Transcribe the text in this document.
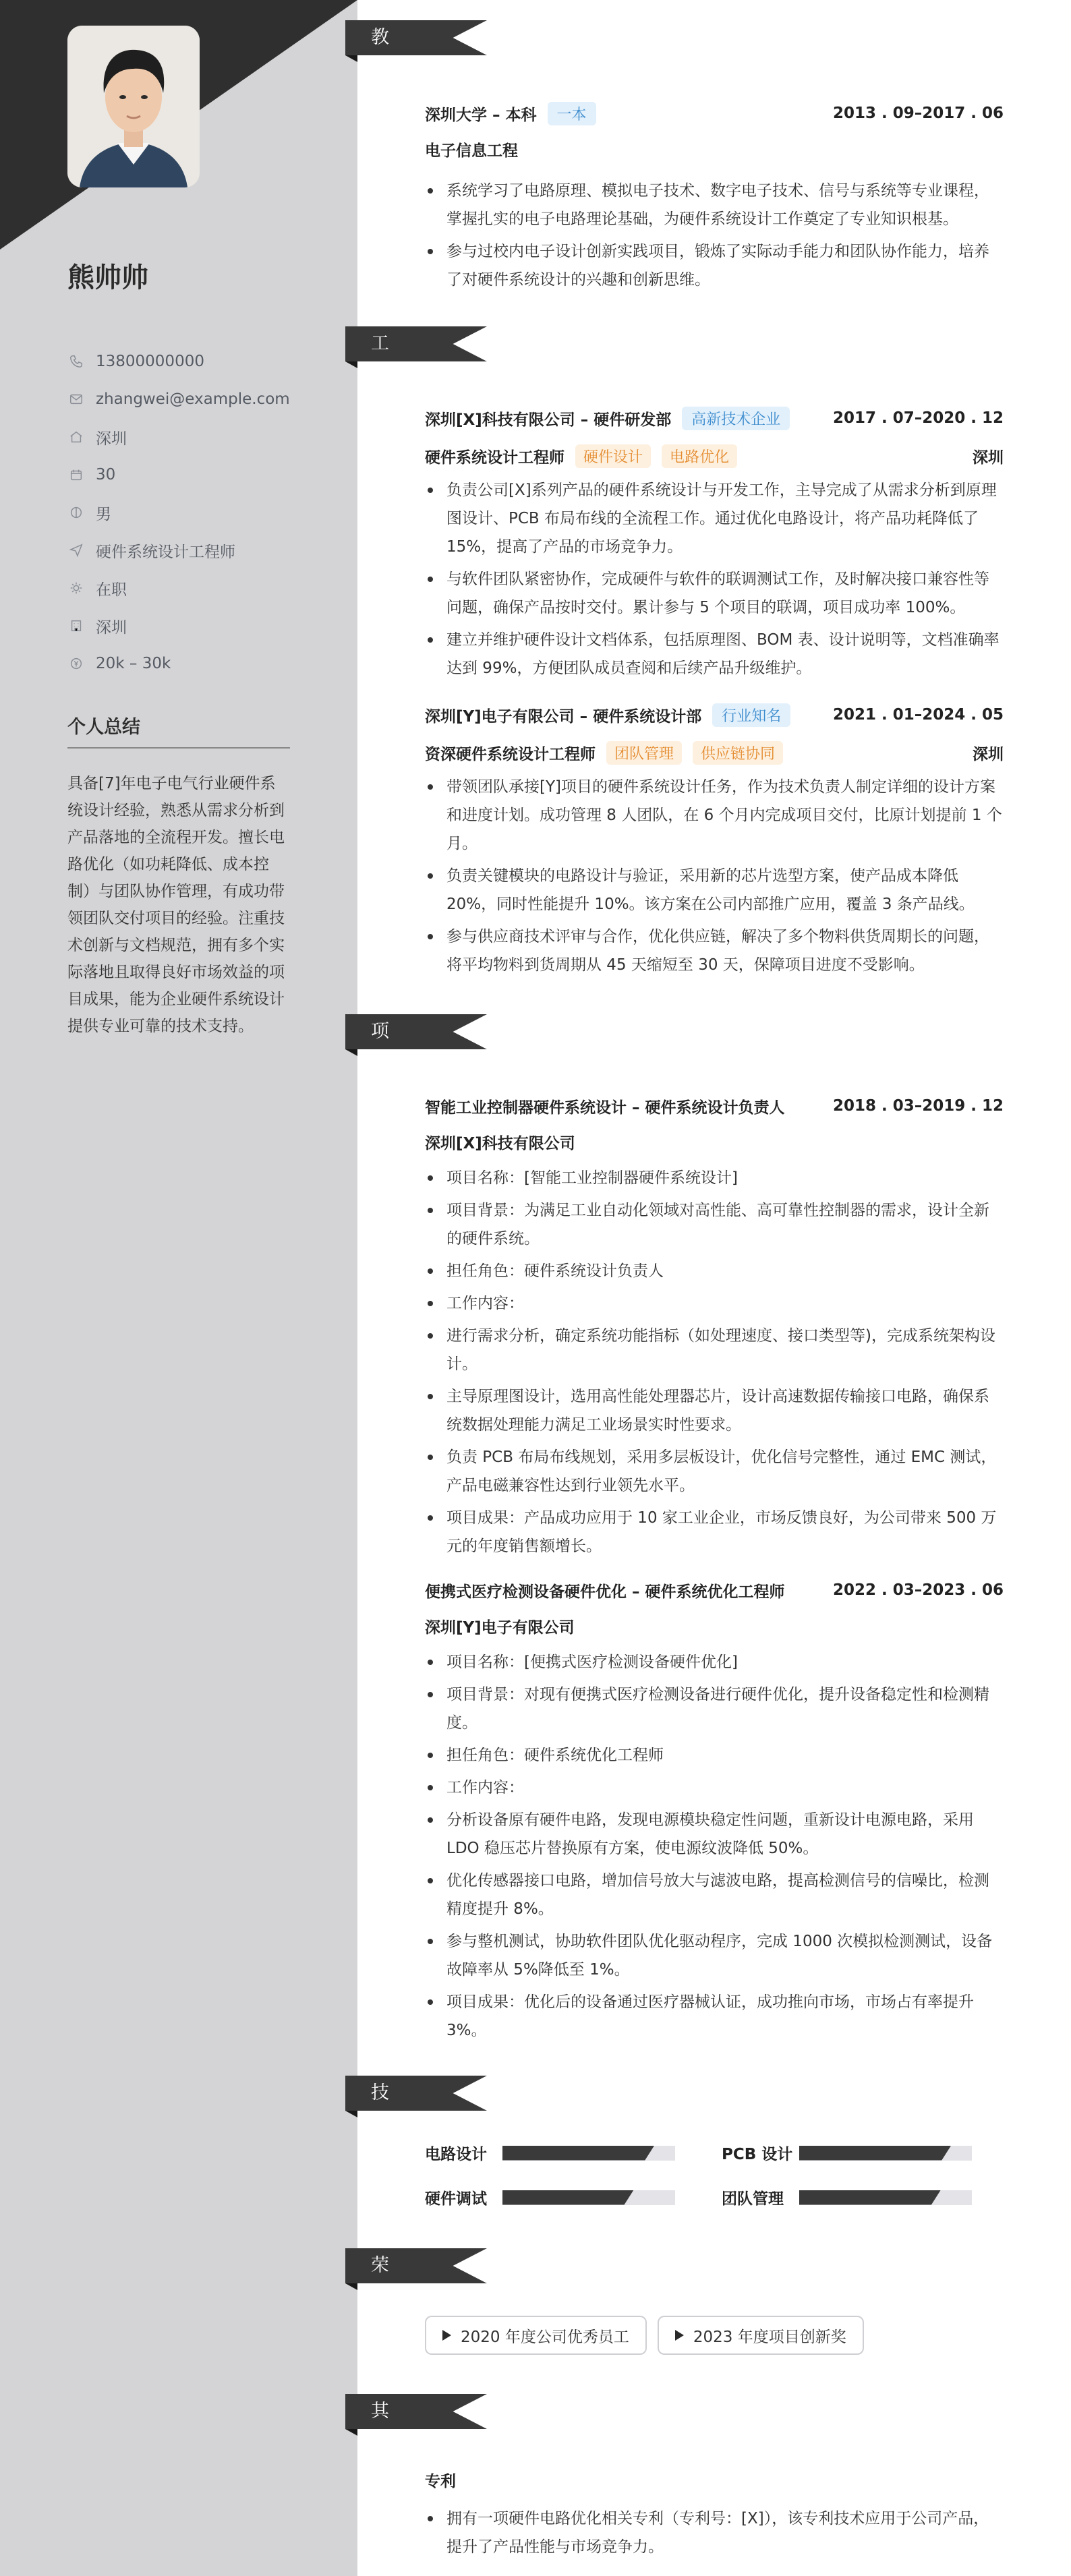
熊帅帅
13800000000
zhangwei@example.com
深圳
30
男
硬件系统设计工程师
在职
深圳
20k – 30k
个人总结
具备[7]年电子电气行业硬件系统设计经验，熟悉从需求分析到产品落地的全流程开发。擅长电路优化（如功耗降低、成本控制）与团队协作管理，有成功带领团队交付项目的经验。注重技术创新与文档规范，拥有多个实际落地且取得良好市场效益的项目成果，能为企业硬件系统设计提供专业可靠的技术支持。
教育经历
深圳大学 – 本科	一本	2013 . 09–2017 . 06
电子信息工程
系统学习了电路原理、模拟电子技术、数字电子技术、信号与系统等专业课程，掌握扎实的电子电路理论基础，为硬件系统设计工作奠定了专业知识根基。
参与过校内电子设计创新实践项目，锻炼了实际动手能力和团队协作能力，培养了对硬件系统设计的兴趣和创新思维。
工作经历
深圳[X]科技有限公司 – 硬件研发部	高新技术企业	2017 . 07–2020 . 12
硬件系统设计工程师	硬件设计	电路优化	深圳
负责公司[X]系列产品的硬件系统设计与开发工作，主导完成了从需求分析到原理图设计、PCB 布局布线的全流程工作。通过优化电路设计，将产品功耗降低了15%，提高了产品的市场竞争力。
与软件团队紧密协作，完成硬件与软件的联调测试工作，及时解决接口兼容性等问题，确保产品按时交付。累计参与 5 个项目的联调，项目成功率 100%。
建立并维护硬件设计文档体系，包括原理图、BOM 表、设计说明等，文档准确率达到 99%，方便团队成员查阅和后续产品升级维护。
深圳[Y]电子有限公司 – 硬件系统设计部	行业知名	2021 . 01–2024 . 05
资深硬件系统设计工程师	团队管理	供应链协同	深圳
带领团队承接[Y]项目的硬件系统设计任务，作为技术负责人制定详细的设计方案和进度计划。成功管理 8 人团队，在 6 个月内完成项目交付，比原计划提前 1 个月。
负责关键模块的电路设计与验证，采用新的芯片选型方案，使产品成本降低 20%，同时性能提升 10%。该方案在公司内部推广应用，覆盖 3 条产品线。
参与供应商技术评审与合作，优化供应链，解决了多个物料供货周期长的问题，将平均物料到货周期从 45 天缩短至 30 天，保障项目进度不受影响。
项目经历
智能工业控制器硬件系统设计 – 硬件系统设计负责人	2018 . 03–2019 . 12
深圳[X]科技有限公司
项目名称：[智能工业控制器硬件系统设计]
项目背景：为满足工业自动化领域对高性能、高可靠性控制器的需求，设计全新的硬件系统。
担任角色：硬件系统设计负责人
工作内容：
进行需求分析，确定系统功能指标（如处理速度、接口类型等)，完成系统架构设计。
主导原理图设计，选用高性能处理器芯片，设计高速数据传输接口电路，确保系统数据处理能力满足工业场景实时性要求。
负责 PCB 布局布线规划，采用多层板设计，优化信号完整性，通过 EMC 测试，产品电磁兼容性达到行业领先水平。
项目成果：产品成功应用于 10 家工业企业，市场反馈良好，为公司带来 500 万元的年度销售额增长。
便携式医疗检测设备硬件优化 – 硬件系统优化工程师	2022 . 03–2023 . 06
深圳[Y]电子有限公司
项目名称：[便携式医疗检测设备硬件优化]
项目背景：对现有便携式医疗检测设备进行硬件优化，提升设备稳定性和检测精度。
担任角色：硬件系统优化工程师
工作内容：
分析设备原有硬件电路，发现电源模块稳定性问题，重新设计电源电路，采用 LDO 稳压芯片替换原有方案，使电源纹波降低 50%。
优化传感器接口电路，增加信号放大与滤波电路，提高检测信号的信噪比，检测精度提升 8%。
参与整机测试，协助软件团队优化驱动程序，完成 1000 次模拟检测测试，设备故障率从 5%降低至 1%。
项目成果：优化后的设备通过医疗器械认证，成功推向市场，市场占有率提升 3%。
技能专长
电路设计	PCB 设计
硬件调试	团队管理
荣誉奖项
2020 年度公司优秀员工	2023 年度项目创新奖
其他信息
专利
拥有一项硬件电路优化相关专利（专利号：[X]），该专利技术应用于公司产品，提升了产品性能与市场竞争力。
